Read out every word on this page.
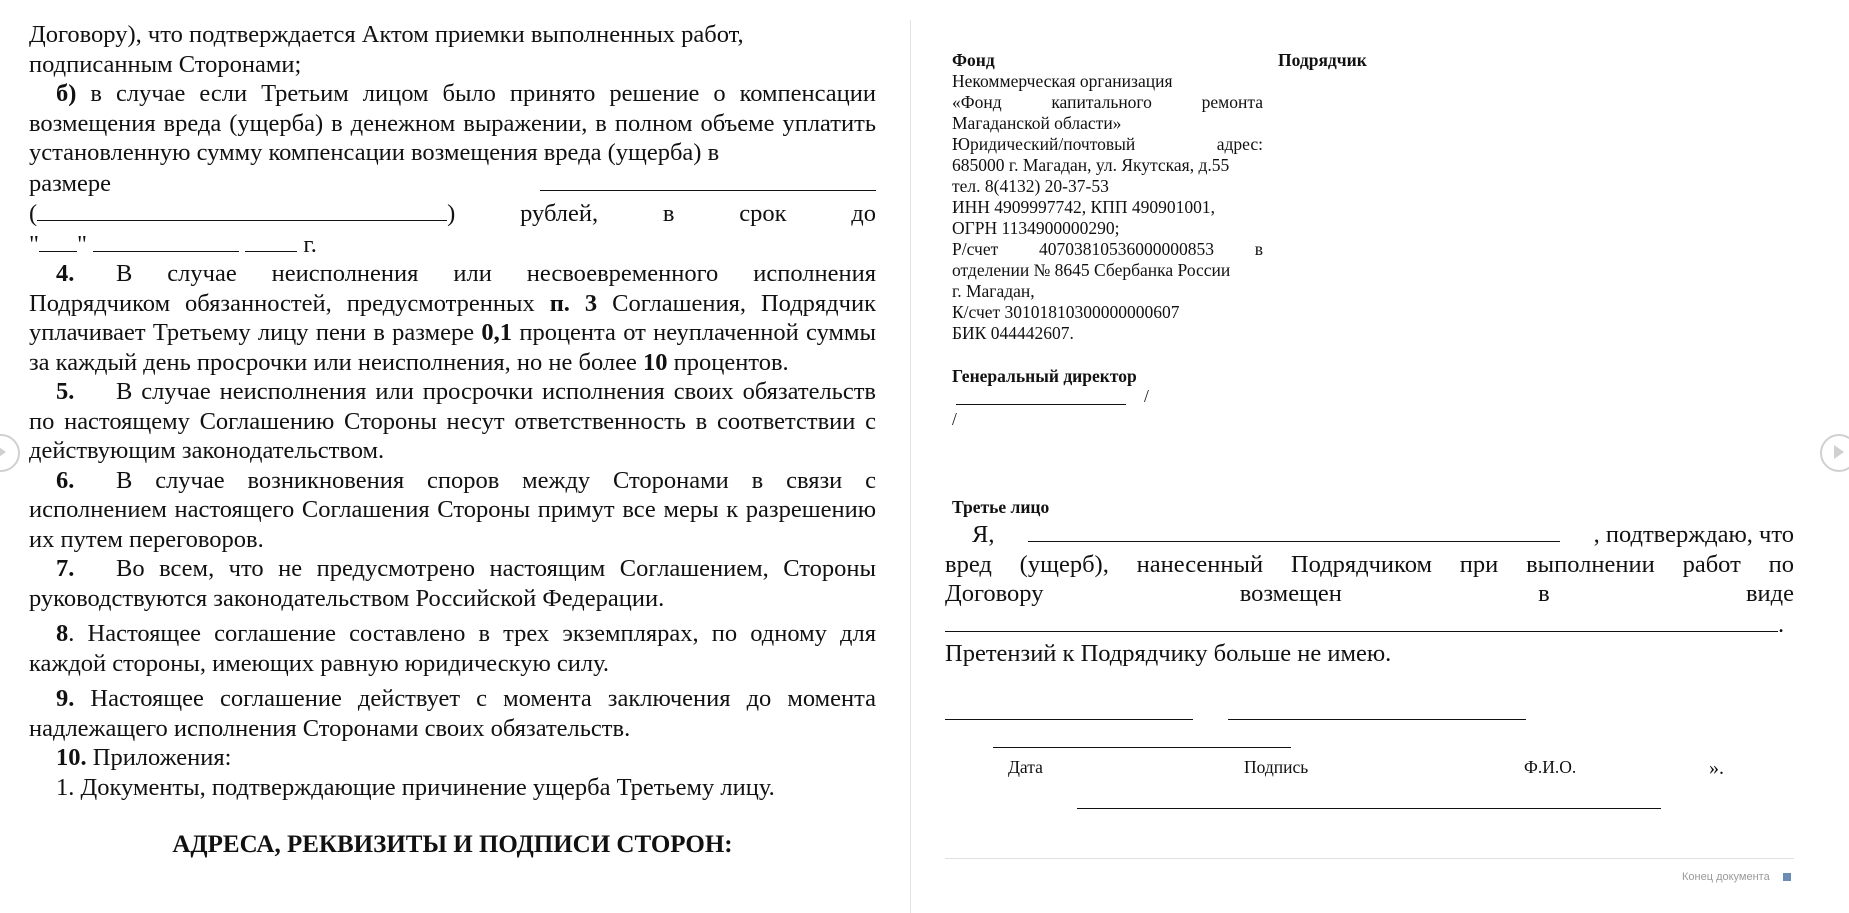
Договору), что подтверждается Актом приемки выполненных работ,

подписанным Сторонами;

б) в случае если Третьим лицом было принято решение о компенсации возмещения вреда (ущерба) в денежном выражении, в полном объеме уплатить установленную сумму компенсации возмещения вреда (ущерба) в

размере
(	)	рублей,	в	срок	до
" "	г.

4. В случае неисполнения или несвоевременного исполнения Подрядчиком обязанностей, предусмотренных п. 3 Соглашения, Подрядчик уплачивает Третьему лицу пени в размере 0,1 процента от неуплаченной суммы за каждый день просрочки или неисполнения, но не более 10 процентов.

5. В случае неисполнения или просрочки исполнения своих обязательств по настоящему Соглашению Стороны несут ответственность в соответствии с действующим законодательством.

6. В случае возникновения споров между Сторонами в связи с исполнением настоящего Соглашения Стороны примут все меры к разрешению их путем переговоров.

7. Во всем, что не предусмотрено настоящим Соглашением, Стороны руководствуются законодательством Российской Федерации.

8. Настоящее соглашение составлено в трех экземплярах, по одному для каждой стороны, имеющих равную юридическую силу.

9. Настоящее соглашение действует с момента заключения до момента надлежащего исполнения Сторонами своих обязательств.

10. Приложения:

1. Документы, подтверждающие причинение ущерба Третьему лицу.

АДРЕСА, РЕКВИЗИТЫ И ПОДПИСИ СТОРОН:
Фонд
Некоммерческая организация
«Фонд капитального ремонта
Магаданской области»
Юридический/почтовый адрес:
685000 г. Магадан, ул. Якутская, д.55
тел. 8(4132) 20-37-53
ИНН 4909997742, КПП 490901001,
ОГРН 1134900000290;
Р/счет 40703810536000000853 в
отделении № 8645 Сбербанка России
г. Магадан,
К/счет 30101810300000000607
БИК 044442607.
Подрядчик
Генеральный директор
/
/
Третье лицо
Я,	, подтверждаю, что
вред (ущерб), нанесенный Подрядчиком при выполнении работ по
Договору	возмещен	в	виде
.
Претензий к Подрядчику больше не имею.
Дата	Подпись	Ф.И.О.	».
Конец документа
